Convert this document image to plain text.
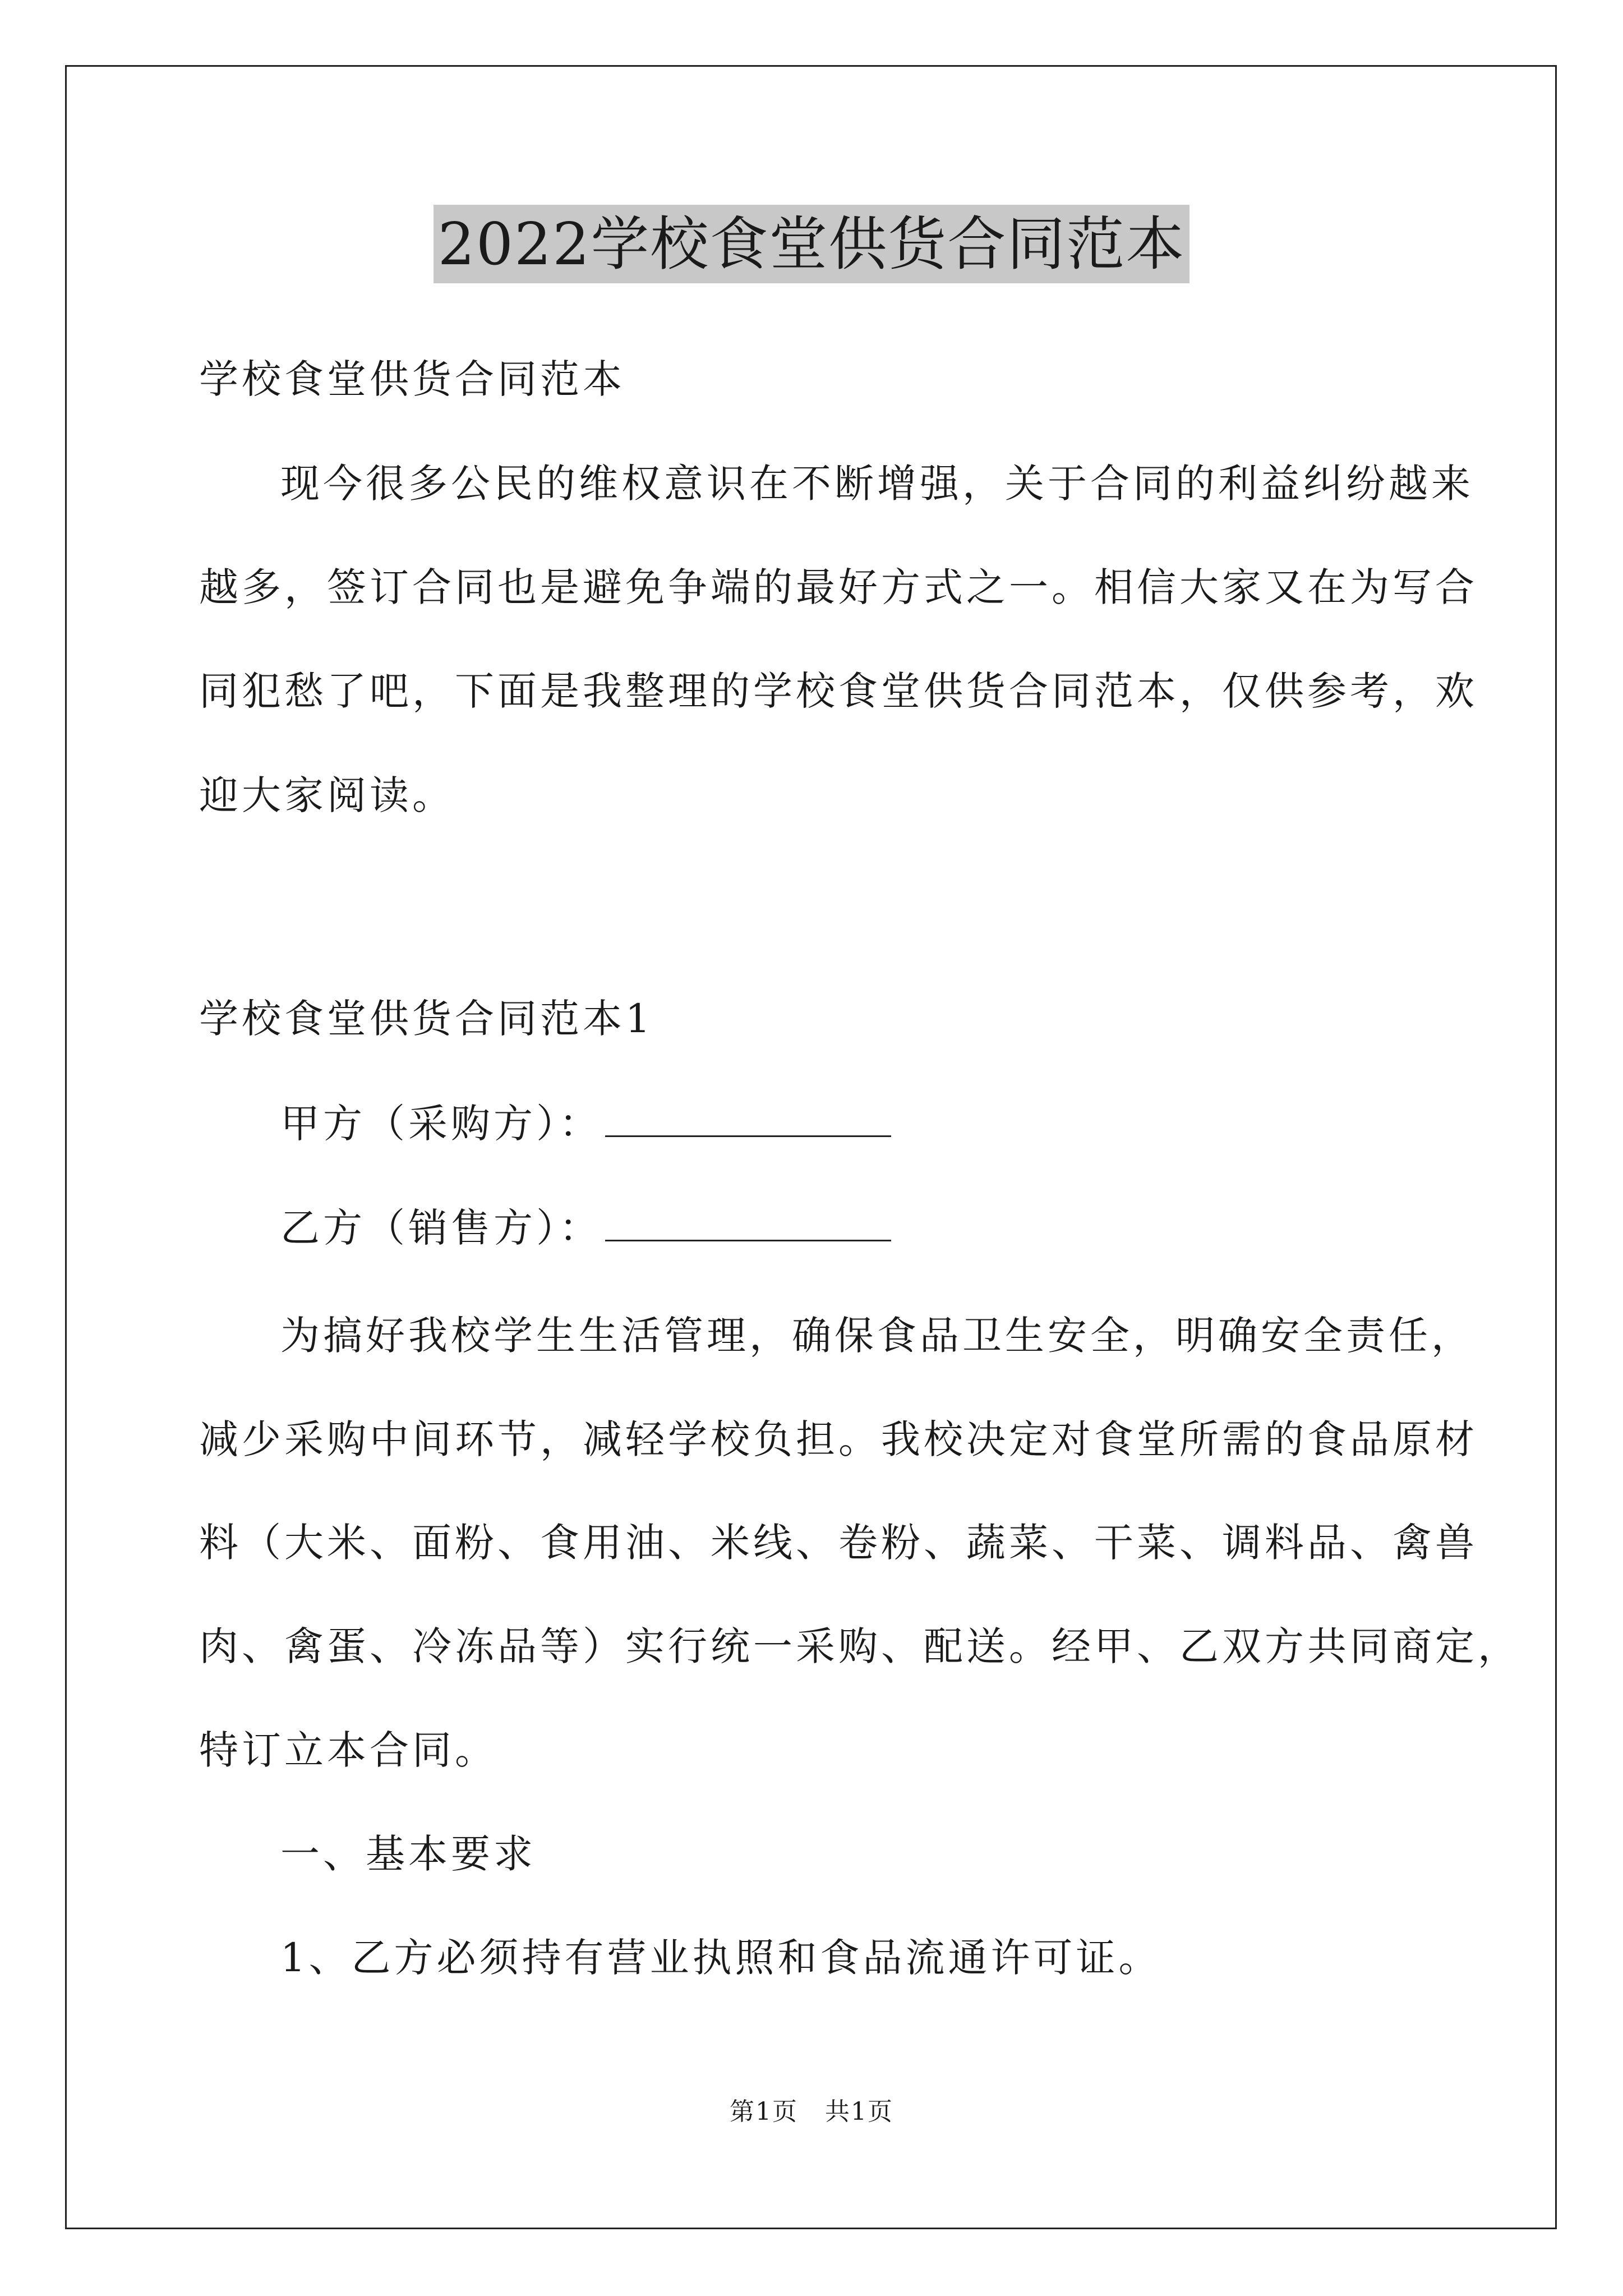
2022学校食堂供货合同范本
学校食堂供货合同范本
现今很多公民的维权意识在不断增强，关于合同的利益纠纷越来
越多，签订合同也是避免争端的最好方式之一。相信大家又在为写合
同犯愁了吧，下面是我整理的学校食堂供货合同范本，仅供参考，欢
迎大家阅读。
学校食堂供货合同范本1
甲方（采购方）：
乙方（销售方）：
为搞好我校学生生活管理，确保食品卫生安全，明确安全责任，
减少采购中间环节，减轻学校负担。我校决定对食堂所需的食品原材
料（大米、面粉、食用油、米线、卷粉、蔬菜、干菜、调料品、禽兽
肉、禽蛋、冷冻品等）实行统一采购、配送。经甲、乙双方共同商定，
特订立本合同。
一、基本要求
1、乙方必须持有营业执照和食品流通许可证。
第1页 共1页
